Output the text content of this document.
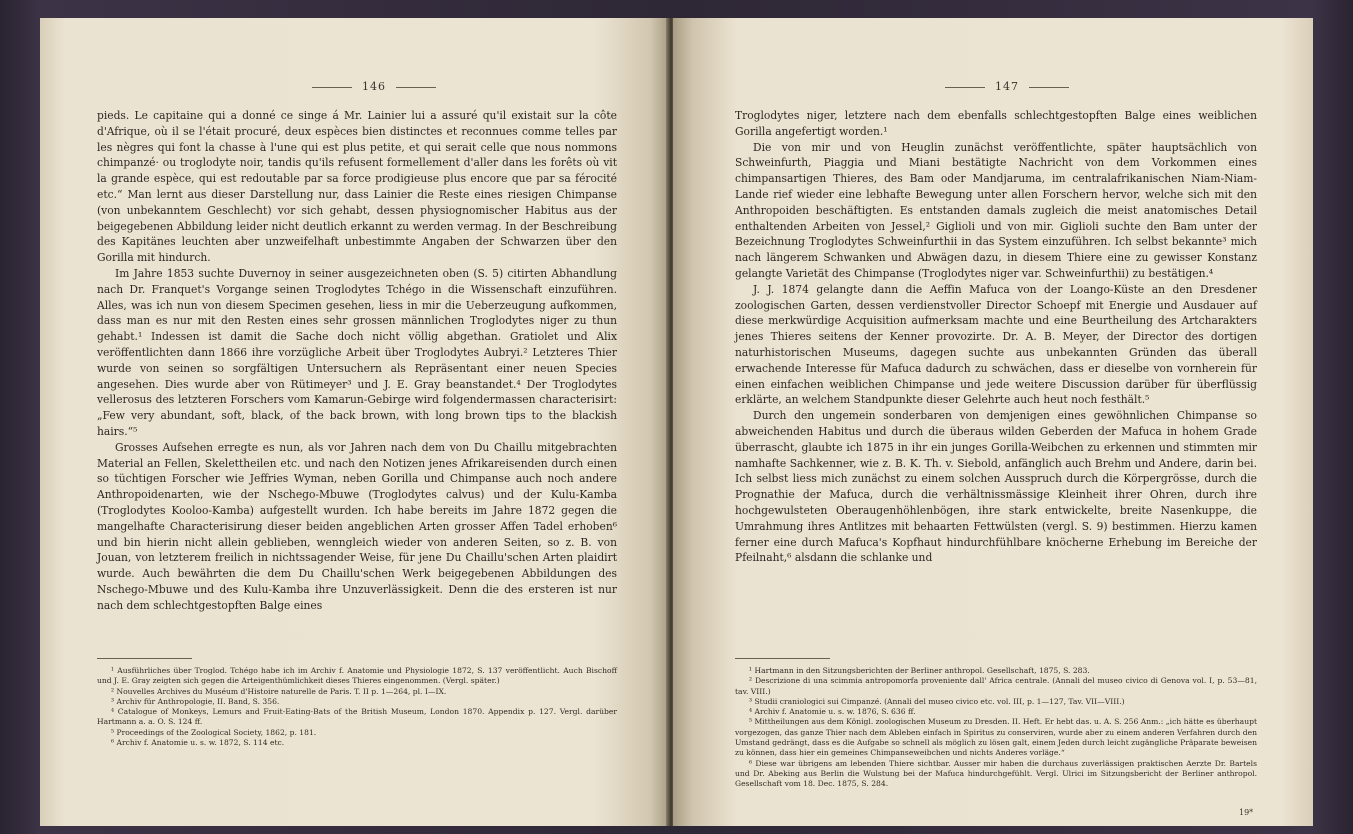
146

pieds. Le capitaine qui a donné ce singe á Mr. Lainier lui a assuré qu'il existait sur la côte d'Afrique, où il se l'était procuré, deux espèces bien distinctes et reconnues comme telles par les nègres qui font la chasse à l'une qui est plus petite, et qui serait celle que nous nommons chimpanzé· ou troglodyte noir, tandis qu'ils refusent formellement d'aller dans les forêts où vit la grande espèce, qui est redoutable par sa force prodigieuse plus encore que par sa férocité etc.“ Man lernt aus dieser Darstellung nur, dass Lainier die Reste eines riesigen Chimpanse (von unbekanntem Geschlecht) vor sich gehabt, dessen physiognomischer Habitus aus der beigegebenen Abbildung leider nicht deutlich erkannt zu werden vermag. In der Beschreibung des Kapitänes leuchten aber unzweifelhaft unbestimmte Angaben der Schwarzen über den Gorilla mit hindurch.

Im Jahre 1853 suchte Duvernoy in seiner ausgezeichneten oben (S. 5) citirten Abhandlung nach Dr. Franquet's Vorgange seinen Troglodytes Tchégo in die Wissenschaft einzuführen. Alles, was ich nun von diesem Specimen gesehen, liess in mir die Ueberzeugung aufkommen, dass man es nur mit den Resten eines sehr grossen männlichen Troglodytes niger zu thun gehabt.¹ Indessen ist damit die Sache doch nicht völlig abgethan. Gratiolet und Alix veröffentlichten dann 1866 ihre vorzügliche Arbeit über Troglodytes Aubryi.² Letzteres Thier wurde von seinen so sorgfältigen Untersuchern als Repräsentant einer neuen Species angesehen. Dies wurde aber von Rütimeyer³ und J. E. Gray beanstandet.⁴ Der Troglodytes vellerosus des letzteren Forschers vom Kamarun-Gebirge wird folgendermassen characterisirt: „Few very abundant, soft, black, of the back brown, with long brown tips to the blackish hairs.“⁵

Grosses Aufsehen erregte es nun, als vor Jahren nach dem von Du Chaillu mitgebrachten Material an Fellen, Skelettheilen etc. und nach den Notizen jenes Afrikareisenden durch einen so tüchtigen Forscher wie Jeffries Wyman, neben Gorilla und Chimpanse auch noch andere Anthropoidenarten, wie der Nschego-Mbuwe (Troglodytes calvus) und der Kulu-Kamba (Troglodytes Kooloo-Kamba) aufgestellt wurden. Ich habe bereits im Jahre 1872 gegen die mangelhafte Characterisirung dieser beiden angeblichen Arten grosser Affen Tadel erhoben⁶ und bin hierin nicht allein geblieben, wenngleich wieder von anderen Seiten, so z. B. von Jouan, von letzterem freilich in nichtssagender Weise, für jene Du Chaillu'schen Arten plaidirt wurde. Auch bewährten die dem Du Chaillu'schen Werk beigegebenen Abbildungen des Nschego-Mbuwe und des Kulu-Kamba ihre Unzuverlässigkeit. Denn die des ersteren ist nur nach dem schlechtgestopften Balge eines

¹ Ausführliches über Troglod. Tchégo habe ich im Archiv f. Anatomie und Physiologie 1872, S. 137 veröffentlicht. Auch Bischoff und J. E. Gray zeigten sich gegen die Arteigenthümlichkeit dieses Thieres eingenommen. (Vergl. später.)

² Nouvelles Archives du Muséum d'Histoire naturelle de Paris. T. II p. 1—264, pl. I—IX.

³ Archiv für Anthropologie, II. Band, S. 356.

⁴ Catalogue of Monkeys, Lemurs and Fruit-Eating-Bats of the British Museum, London 1870. Appendix p. 127. Vergl. darüber Hartmann a. a. O. S. 124 ff.

⁵ Proceedings of the Zoological Society, 1862, p. 181.

⁶ Archiv f. Anatomie u. s. w. 1872, S. 114 etc.

147

Troglodytes niger, letztere nach dem ebenfalls schlechtgestopften Balge eines weiblichen Gorilla angefertigt worden.¹

Die von mir und von Heuglin zunächst veröffentlichte, später hauptsächlich von Schweinfurth, Piaggia und Miani bestätigte Nachricht von dem Vorkommen eines chimpansartigen Thieres, des Bam oder Mandjaruma, im centralafrikanischen Niam-Niam-Lande rief wieder eine lebhafte Bewegung unter allen Forschern hervor, welche sich mit den Anthropoiden beschäftigten. Es entstanden damals zugleich die meist anatomisches Detail enthaltenden Arbeiten von Jessel,² Giglioli und von mir. Giglioli suchte den Bam unter der Bezeichnung Troglodytes Schweinfurthii in das System einzuführen. Ich selbst bekannte³ mich nach längerem Schwanken und Abwägen dazu, in diesem Thiere eine zu gewisser Konstanz gelangte Varietät des Chimpanse (Troglodytes niger var. Schweinfurthii) zu bestätigen.⁴

J. J. 1874 gelangte dann die Aeffin Mafuca von der Loango-Küste an den Dresdener zoologischen Garten, dessen verdienstvoller Director Schoepf mit Energie und Ausdauer auf diese merkwürdige Acquisition aufmerksam machte und eine Beurtheilung des Artcharakters jenes Thieres seitens der Kenner provozirte. Dr. A. B. Meyer, der Director des dortigen naturhistorischen Museums, dagegen suchte aus unbekannten Gründen das überall erwachende Interesse für Mafuca dadurch zu schwächen, dass er dieselbe von vornherein für einen einfachen weiblichen Chimpanse und jede weitere Discussion darüber für überflüssig erklärte, an welchem Standpunkte dieser Gelehrte auch heut noch festhält.⁵

Durch den ungemein sonderbaren von demjenigen eines gewöhnlichen Chimpanse so abweichenden Habitus und durch die überaus wilden Geberden der Mafuca in hohem Grade überrascht, glaubte ich 1875 in ihr ein junges Gorilla-Weibchen zu erkennen und stimmten mir namhafte Sachkenner, wie z. B. K. Th. v. Siebold, anfänglich auch Brehm und Andere, darin bei. Ich selbst liess mich zunächst zu einem solchen Ausspruch durch die Körpergrösse, durch die Prognathie der Mafuca, durch die verhältnissmässige Kleinheit ihrer Ohren, durch ihre hochgewulsteten Oberaugenhöhlenbögen, ihre stark entwickelte, breite Nasenkuppe, die Umrahmung ihres Antlitzes mit behaarten Fettwülsten (vergl. S. 9) bestimmen. Hierzu kamen ferner eine durch Mafuca's Kopfhaut hindurchfühlbare knöcherne Erhebung im Bereiche der Pfeilnaht,⁶ alsdann die schlanke und

¹ Hartmann in den Sitzungsberichten der Berliner anthropol. Gesellschaft, 1875, S. 283.

² Descrizione di una scimmia antropomorfa proveniente dall' Africa centrale. (Annali del museo civico di Genova vol. I, p. 53—81, tav. VIII.)

³ Studii craniologici sui Cimpanzé. (Annali del museo civico etc. vol. III, p. 1—127, Tav. VII—VIII.)

⁴ Archiv f. Anatomie u. s. w. 1876, S. 636 ff.

⁵ Mittheilungen aus dem Königl. zoologischen Museum zu Dresden. II. Heft. Er hebt das. u. A. S. 256 Anm.: „ich hätte es überhaupt vorgezogen, das ganze Thier nach dem Ableben einfach in Spiritus zu conserviren, wurde aber zu einem anderen Verfahren durch den Umstand gedrängt, dass es die Aufgabe so schnell als möglich zu lösen galt, einem Jeden durch leicht zugängliche Präparate beweisen zu können, dass hier ein gemeines Chimpanseweibchen und nichts Anderes vorläge.“

⁶ Diese war übrigens am lebenden Thiere sichtbar. Ausser mir haben die durchaus zuverlässigen praktischen Aerzte Dr. Bartels und Dr. Abeking aus Berlin die Wulstung bei der Mafuca hindurchgefühlt. Vergl. Ulrici im Sitzungsbericht der Berliner anthropol. Gesellschaft vom 18. Dec. 1875, S. 284.

19*
